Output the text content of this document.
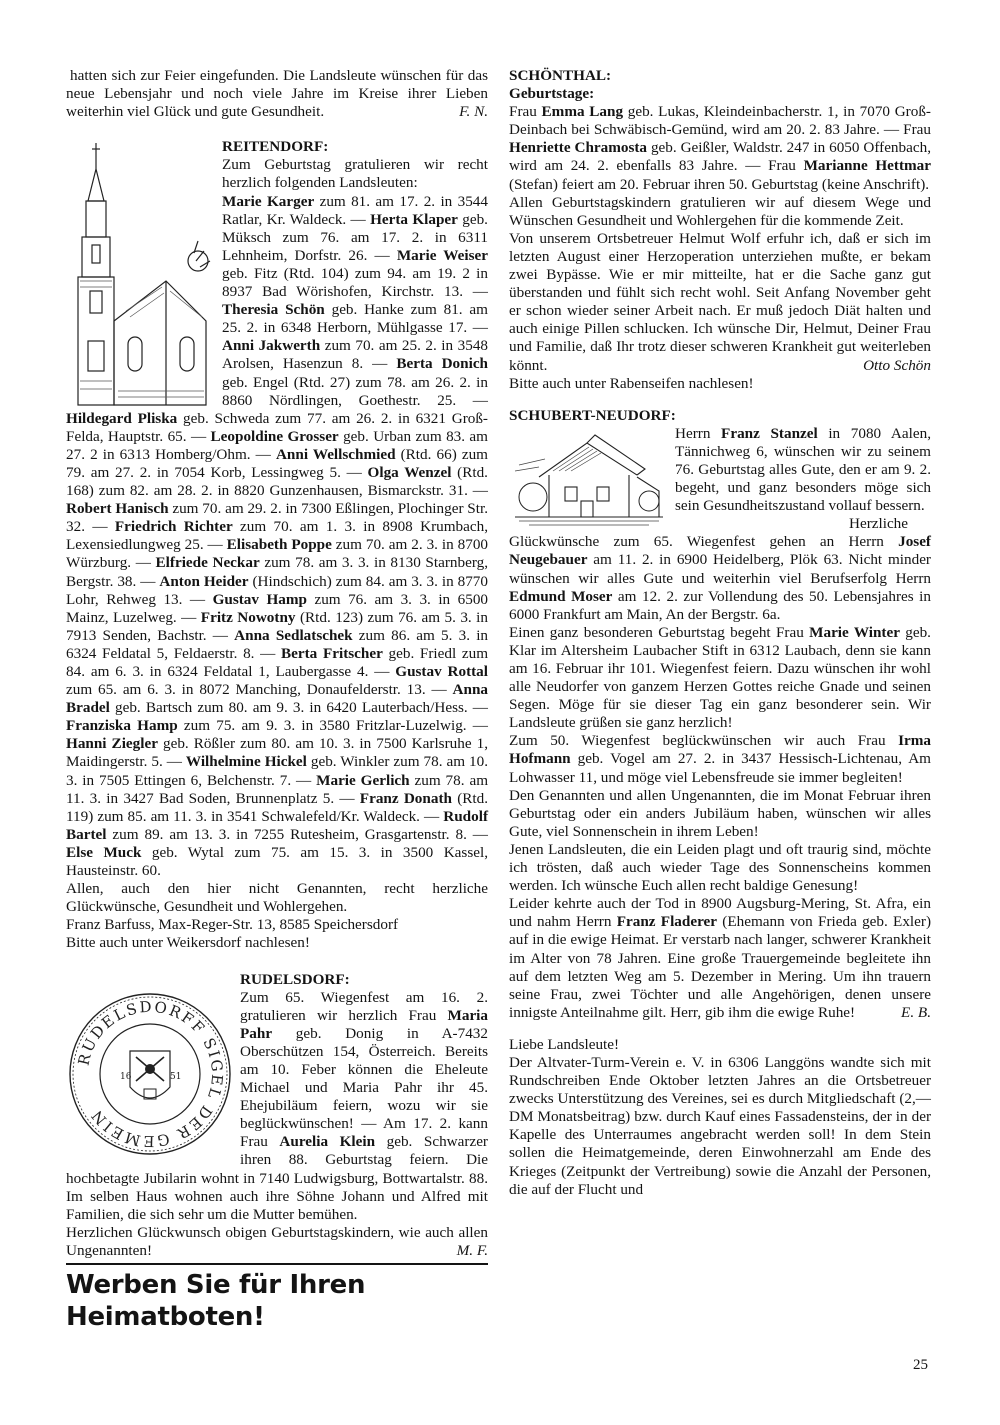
hatten sich zur Feier eingefunden. Die Landsleute wünschen für das neue Lebensjahr und noch viele Jahre im Kreise ihrer Lieben weiterhin viel Glück und gute Gesundheit.	F. N.

REITENDORF:

Zum Geburtstag gratulieren wir recht herzlich folgenden Landsleuten:

Marie Karger zum 81. am 17. 2. in 3544 Ratlar, Kr. Waldeck. — Herta Klaper geb. Müksch zum 76. am 17. 2. in 6311 Lehnheim, Dorfstr. 26. — Marie Weiser geb. Fitz (Rtd. 104) zum 94. am 19. 2 in 8937 Bad Wörishofen, Kirchstr. 13. — Theresia Schön geb. Hanke zum 81. am 25. 2. in 6348 Herborn, Mühlgasse 17. — Anni Jakwerth zum 70. am 25. 2. in 3548 Arolsen, Hasenzun 8. — Berta Donich geb. Engel (Rtd. 27) zum 78. am 26. 2. in 8860 Nördlingen, Goethestr. 25. — Hildegard Pliska geb. Schweda zum 77. am 26. 2. in 6321 Groß-Felda, Hauptstr. 65. — Leopoldine Grosser geb. Urban zum 83. am 27. 2 in 6313 Homberg/Ohm. — Anni Wellschmied (Rtd. 66) zum 79. am 27. 2. in 7054 Korb, Lessingweg 5. — Olga Wenzel (Rtd. 168) zum 82. am 28. 2. in 8820 Gunzenhausen, Bismarckstr. 31. — Robert Hanisch zum 70. am 29. 2. in 7300 Eßlingen, Plochinger Str. 32. — Friedrich Richter zum 70. am 1. 3. in 8908 Krumbach, Lexensiedlungweg 25. — Elisabeth Poppe zum 70. am 2. 3. in 8700 Würzburg. — Elfriede Neckar zum 78. am 3. 3. in 8130 Starnberg, Bergstr. 38. — Anton Heider (Hindschich) zum 84. am 3. 3. in 8770 Lohr, Rehweg 13. — Gustav Hamp zum 76. am 3. 3. in 6500 Mainz, Luzelweg. — Fritz Nowotny (Rtd. 123) zum 76. am 5. 3. in 7913 Senden, Bachstr. — Anna Sedlatschek zum 86. am 5. 3. in 6324 Feldatal 5, Feldaerstr. 8. — Berta Fritscher geb. Friedl zum 84. am 6. 3. in 6324 Feldatal 1, Laubergasse 4. — Gustav Rottal zum 65. am 6. 3. in 8072 Manching, Donaufelderstr. 13. — Anna Bradel geb. Bartsch zum 80. am 9. 3. in 6420 Lauterbach/Hess. — Franziska Hamp zum 75. am 9. 3. in 3580 Fritzlar-Luzelwig. — Hanni Ziegler geb. Rößler zum 80. am 10. 3. in 7500 Karlsruhe 1, Maidingerstr. 5. — Wilhelmine Hickel geb. Winkler zum 78. am 10. 3. in 7505 Ettingen 6, Belchenstr. 7. — Marie Gerlich zum 78. am 11. 3. in 3427 Bad Soden, Brunnenplatz 5. — Franz Donath (Rtd. 119) zum 85. am 11. 3. in 3541 Schwalefeld/Kr. Waldeck. — Rudolf Bartel zum 89. am 13. 3. in 7255 Rutesheim, Grasgartenstr. 8. — Else Muck geb. Wytal zum 75. am 15. 3. in 3500 Kassel, Hausteinstr. 60.

Allen, auch den hier nicht Genannten, recht herzliche Glückwünsche, Gesundheit und Wohlergehen.

Franz Barfuss, Max-Reger-Str. 13, 8585 Speichersdorf

Bitte auch unter Weikersdorf nachlesen!

RUDELSDORFF SIGEL DER GEMEIN
16	51

RUDELSDORF:

Zum 65. Wiegenfest am 16. 2. gratulieren wir herzlich Frau Maria Pahr geb. Donig in A-7432 Oberschützen 154, Österreich. Bereits am 10. Feber können die Eheleute Michael und Maria Pahr ihr 45. Ehejubiläum feiern, wozu wir sie beglückwünschen! — Am 17. 2. kann Frau Aurelia Klein geb. Schwarzer ihren 88. Geburtstag feiern. Die hochbetagte Jubilarin wohnt in 7140 Ludwigsburg, Bottwartalstr. 88. Im selben Haus wohnen auch ihre Söhne Johann und Alfred mit Familien, die sich sehr um die Mutter bemühen.

Herzlichen Glückwunsch obigen Geburtstagskindern, wie auch allen Ungenannten!	M. F.

Werben Sie für Ihren Heimatboten!

SCHÖNTHAL:

Geburtstage:

Frau Emma Lang geb. Lukas, Kleindeinbacherstr. 1, in 7070 Groß-Deinbach bei Schwäbisch-Gemünd, wird am 20. 2. 83 Jahre. — Frau Henriette Chramosta geb. Geißler, Waldstr. 247 in 6050 Offenbach, wird am 24. 2. ebenfalls 83 Jahre. — Frau Marianne Hettmar (Stefan) feiert am 20. Februar ihren 50. Geburtstag (keine Anschrift).

Allen Geburtstagskindern gratulieren wir auf diesem Wege und Wünschen Gesundheit und Wohlergehen für die kommende Zeit.

Von unserem Ortsbetreuer Helmut Wolf erfuhr ich, daß er sich im letzten August einer Herzoperation unterziehen mußte, er bekam zwei Bypässe. Wie er mir mitteilte, hat er die Sache ganz gut überstanden und fühlt sich recht wohl. Seit Anfang November geht er schon wieder seiner Arbeit nach. Er muß jedoch Diät halten und auch einige Pillen schlucken. Ich wünsche Dir, Helmut, Deiner Frau und Familie, daß Ihr trotz dieser schweren Krankheit gut weiterleben könnt.	Otto Schön

Bitte auch unter Rabenseifen nachlesen!

SCHUBERT-NEUDORF:

Herrn Franz Stanzel in 7080 Aalen, Tännichweg 6, wünschen wir zu seinem 76. Geburtstag alles Gute, den er am 9. 2. begeht, und ganz besonders möge sich sein Gesundheitszustand vollauf bessern.

Herzliche Glückwünsche zum 65. Wiegenfest gehen an Herrn Josef Neugebauer am 11. 2. in 6900 Heidelberg, Plök 63. Nicht minder wünschen wir alles Gute und weiterhin viel Berufserfolg Herrn Edmund Moser am 12. 2. zur Vollendung des 50. Lebensjahres in 6000 Frankfurt am Main, An der Bergstr. 6a.

Einen ganz besonderen Geburtstag begeht Frau Marie Winter geb. Klar im Altersheim Laubacher Stift in 6312 Laubach, denn sie kann am 16. Februar ihr 101. Wiegenfest feiern. Dazu wünschen ihr wohl alle Neudorfer von ganzem Herzen Gottes reiche Gnade und seinen Segen. Möge für sie dieser Tag ein ganz besonderer sein. Wir Landsleute grüßen sie ganz herzlich!

Zum 50. Wiegenfest beglückwünschen wir auch Frau Irma Hofmann geb. Vogel am 27. 2. in 3437 Hessisch-Lichtenau, Am Lohwasser 11, und möge viel Lebensfreude sie immer begleiten!

Den Genannten und allen Ungenannten, die im Monat Februar ihren Geburtstag oder ein anders Jubiläum haben, wünschen wir alles Gute, viel Sonnenschein in ihrem Leben!

Jenen Landsleuten, die ein Leiden plagt und oft traurig sind, möchte ich trösten, daß auch wieder Tage des Sonnenscheins kommen werden. Ich wünsche Euch allen recht baldige Genesung!

Leider kehrte auch der Tod in 8900 Augsburg-Mering, St. Afra, ein und nahm Herrn Franz Fladerer (Ehemann von Frieda geb. Exler) auf in die ewige Heimat. Er verstarb nach langer, schwerer Krankheit im Alter von 78 Jahren. Eine große Trauergemeinde begleitete ihn auf dem letzten Weg am 5. Dezember in Mering. Um ihn trauern seine Frau, zwei Töchter und alle Angehörigen, denen unsere innigste Anteilnahme gilt. Herr, gib ihm die ewige Ruhe!	E. B.

Liebe Landsleute!

Der Altvater-Turm-Verein e. V. in 6306 Langgöns wandte sich mit Rundschreiben Ende Oktober letzten Jahres an die Ortsbetreuer zwecks Unterstützung des Vereines, sei es durch Mitgliedschaft (2,— DM Monatsbeitrag) bzw. durch Kauf eines Fassadensteins, der in der Kapelle des Unterraumes angebracht werden soll! In dem Stein sollen die Heimatgemeinde, deren Einwohnerzahl am Ende des Krieges (Zeitpunkt der Vertreibung) sowie die Anzahl der Personen, die auf der Flucht und

25
